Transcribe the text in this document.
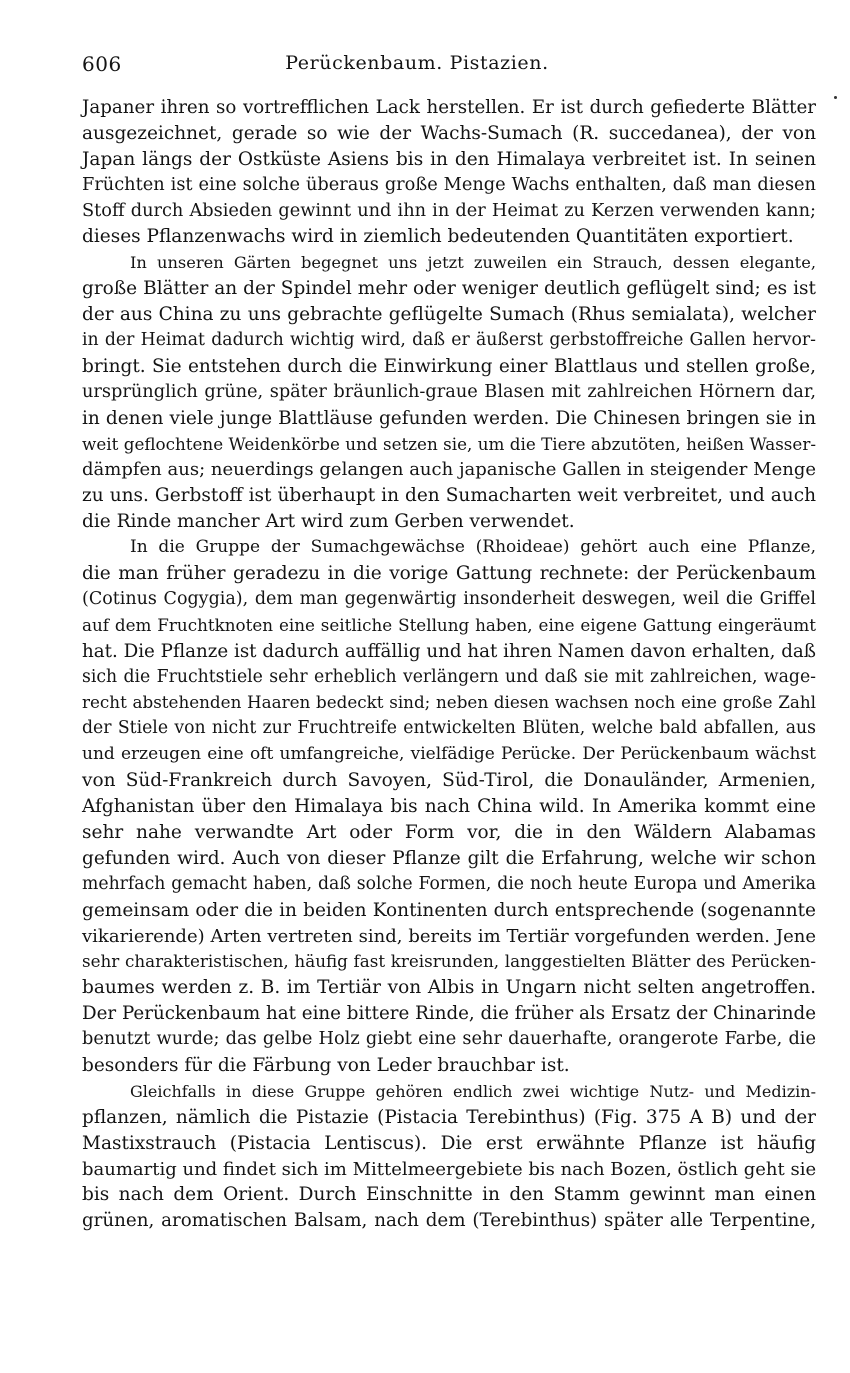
606	Perückenbaum. Pistazien.
Japaner ihren so vortrefflichen Lack herstellen. Er ist durch gefiederte Blätter
ausgezeichnet, gerade so wie der Wachs-Sumach (R. succedanea), der von
Japan längs der Ostküste Asiens bis in den Himalaya verbreitet ist. In seinen
Früchten ist eine solche überaus große Menge Wachs enthalten, daß man diesen
Stoff durch Absieden gewinnt und ihn in der Heimat zu Kerzen verwenden kann;
dieses Pflanzenwachs wird in ziemlich bedeutenden Quantitäten exportiert.
In unseren Gärten begegnet uns jetzt zuweilen ein Strauch, dessen elegante,
große Blätter an der Spindel mehr oder weniger deutlich geflügelt sind; es ist
der aus China zu uns gebrachte geflügelte Sumach (Rhus semialata), welcher
in der Heimat dadurch wichtig wird, daß er äußerst gerbstoffreiche Gallen hervor-
bringt. Sie entstehen durch die Einwirkung einer Blattlaus und stellen große,
ursprünglich grüne, später bräunlich-graue Blasen mit zahlreichen Hörnern dar,
in denen viele junge Blattläuse gefunden werden. Die Chinesen bringen sie in
weit geflochtene Weidenkörbe und setzen sie, um die Tiere abzutöten, heißen Wasser-
dämpfen aus; neuerdings gelangen auch japanische Gallen in steigender Menge
zu uns. Gerbstoff ist überhaupt in den Sumacharten weit verbreitet, und auch
die Rinde mancher Art wird zum Gerben verwendet.
In die Gruppe der Sumachgewächse (Rhoideae) gehört auch eine Pflanze,
die man früher geradezu in die vorige Gattung rechnete: der Perückenbaum
(Cotinus Cogygia), dem man gegenwärtig insonderheit deswegen, weil die Griffel
auf dem Fruchtknoten eine seitliche Stellung haben, eine eigene Gattung eingeräumt
hat. Die Pflanze ist dadurch auffällig und hat ihren Namen davon erhalten, daß
sich die Fruchtstiele sehr erheblich verlängern und daß sie mit zahlreichen, wage-
recht abstehenden Haaren bedeckt sind; neben diesen wachsen noch eine große Zahl
der Stiele von nicht zur Fruchtreife entwickelten Blüten, welche bald abfallen, aus
und erzeugen eine oft umfangreiche, vielfädige Perücke. Der Perückenbaum wächst
von Süd-Frankreich durch Savoyen, Süd-Tirol, die Donauländer, Armenien,
Afghanistan über den Himalaya bis nach China wild. In Amerika kommt eine
sehr nahe verwandte Art oder Form vor, die in den Wäldern Alabamas
gefunden wird. Auch von dieser Pflanze gilt die Erfahrung, welche wir schon
mehrfach gemacht haben, daß solche Formen, die noch heute Europa und Amerika
gemeinsam oder die in beiden Kontinenten durch entsprechende (sogenannte
vikarierende) Arten vertreten sind, bereits im Tertiär vorgefunden werden. Jene
sehr charakteristischen, häufig fast kreisrunden, langgestielten Blätter des Perücken-
baumes werden z. B. im Tertiär von Albis in Ungarn nicht selten angetroffen.
Der Perückenbaum hat eine bittere Rinde, die früher als Ersatz der Chinarinde
benutzt wurde; das gelbe Holz giebt eine sehr dauerhafte, orangerote Farbe, die
besonders für die Färbung von Leder brauchbar ist.
Gleichfalls in diese Gruppe gehören endlich zwei wichtige Nutz- und Medizin-
pflanzen, nämlich die Pistazie (Pistacia Terebinthus) (Fig. 375 A B) und der
Mastixstrauch (Pistacia Lentiscus). Die erst erwähnte Pflanze ist häufig
baumartig und findet sich im Mittelmeergebiete bis nach Bozen, östlich geht sie
bis nach dem Orient. Durch Einschnitte in den Stamm gewinnt man einen
grünen, aromatischen Balsam, nach dem (Terebinthus) später alle Terpentine,
